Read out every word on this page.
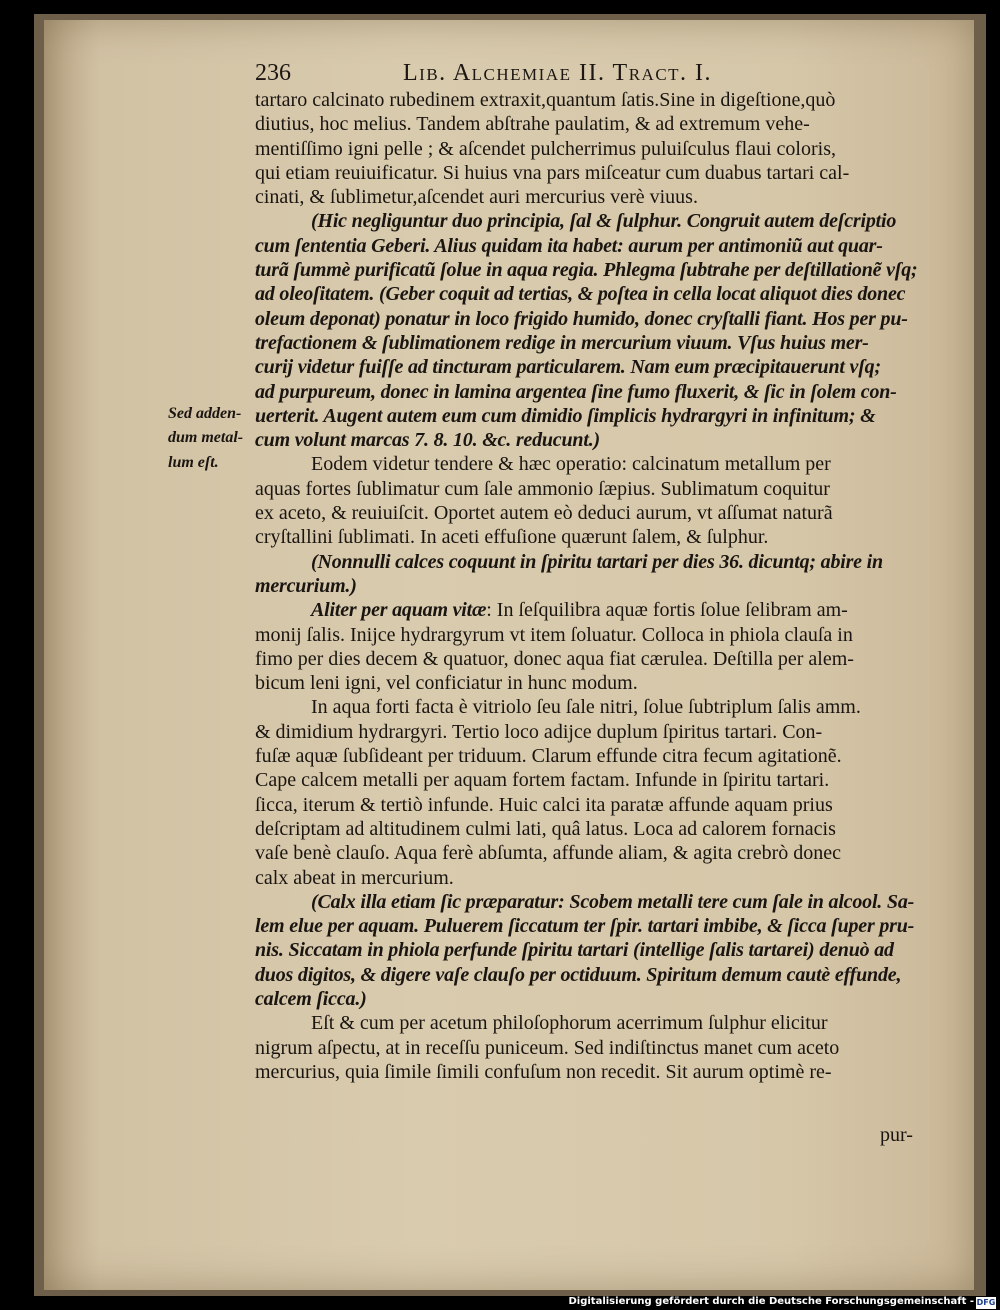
236	Lib. Alchemiae II. Tract. I.
tartaro calcinato rubedinem extraxit,quantum ſatis.Sine in digeſtione,quò
diutius, hoc melius. Tandem abſtrahe paulatim, & ad extremum vehe-
mentiſſimo igni pelle ; & aſcendet pulcherrimus puluiſculus flaui coloris,
qui etiam reuiuificatur. Si huius vna pars miſceatur cum duabus tartari cal-
cinati, & ſublimetur,aſcendet auri mercurius verè viuus.
(Hic negliguntur duo principia, ſal & ſulphur. Congruit autem deſcriptio
cum ſententia Geberi. Alius quidam ita habet: aurum per antimoniũ aut quar-
turã ſummè purificatũ ſolue in aqua regia. Phlegma ſubtrahe per deſtillationẽ vſq;
ad oleoſitatem. (Geber coquit ad tertias, & poſtea in cella locat aliquot dies donec
oleum deponat) ponatur in loco frigido humido, donec cryſtalli fiant. Hos per pu-
trefactionem & ſublimationem redige in mercurium viuum. Vſus huius mer-
curij videtur fuiſſe ad tincturam particularem. Nam eum præcipitauerunt vſq;
ad purpureum, donec in lamina argentea ſine fumo fluxerit, & ſic in ſolem con-
uerterit. Augent autem eum cum dimidio ſimplicis hydrargyri in infinitum; &
cum volunt marcas 7. 8. 10. &c. reducunt.)
Eodem videtur tendere & hæc operatio: calcinatum metallum per
aquas fortes ſublimatur cum ſale ammonio ſæpius. Sublimatum coquitur
ex aceto, & reuiuiſcit. Oportet autem eò deduci aurum, vt aſſumat naturã
cryſtallini ſublimati. In aceti effuſione quærunt ſalem, & ſulphur.
(Nonnulli calces coquunt in ſpiritu tartari per dies 36. dicuntq; abire in
mercurium.)
Aliter per aquam vitæ: In ſeſquilibra aquæ fortis ſolue ſelibram am-
monij ſalis. Inijce hydrargyrum vt item ſoluatur. Colloca in phiola clauſa in
fimo per dies decem & quatuor, donec aqua fiat cærulea. Deſtilla per alem-
bicum leni igni, vel conficiatur in hunc modum.
In aqua forti facta è vitriolo ſeu ſale nitri, ſolue ſubtriplum ſalis amm.
& dimidium hydrargyri. Tertio loco adijce duplum ſpiritus tartari. Con-
fuſæ aquæ ſubſideant per triduum. Clarum effunde citra fecum agitationẽ.
Cape calcem metalli per aquam fortem factam. Infunde in ſpiritu tartari.
ſicca, iterum & tertiò infunde. Huic calci ita paratæ affunde aquam prius
deſcriptam ad altitudinem culmi lati, quâ latus. Loca ad calorem fornacis
vaſe benè clauſo. Aqua ferè abſumta, affunde aliam, & agita crebrò donec
calx abeat in mercurium.
(Calx illa etiam ſic præparatur: Scobem metalli tere cum ſale in alcool. Sa-
lem elue per aquam. Puluerem ſiccatum ter ſpir. tartari imbibe, & ſicca ſuper pru-
nis. Siccatam in phiola perfunde ſpiritu tartari (intellige ſalis tartarei) denuò ad
duos digitos, & digere vaſe clauſo per octiduum. Spiritum demum cautè effunde,
calcem ſicca.)
Eſt & cum per acetum philoſophorum acerrimum ſulphur elicitur
nigrum aſpectu, at in receſſu puniceum. Sed indiſtinctus manet cum aceto
mercurius, quia ſimile ſimili confuſum non recedit. Sit aurum optimè re-
Sed adden-
dum metal-
lum eſt.
pur-
Digitalisierung gefördert durch die Deutsche Forschungsgemeinschaft - DFG
